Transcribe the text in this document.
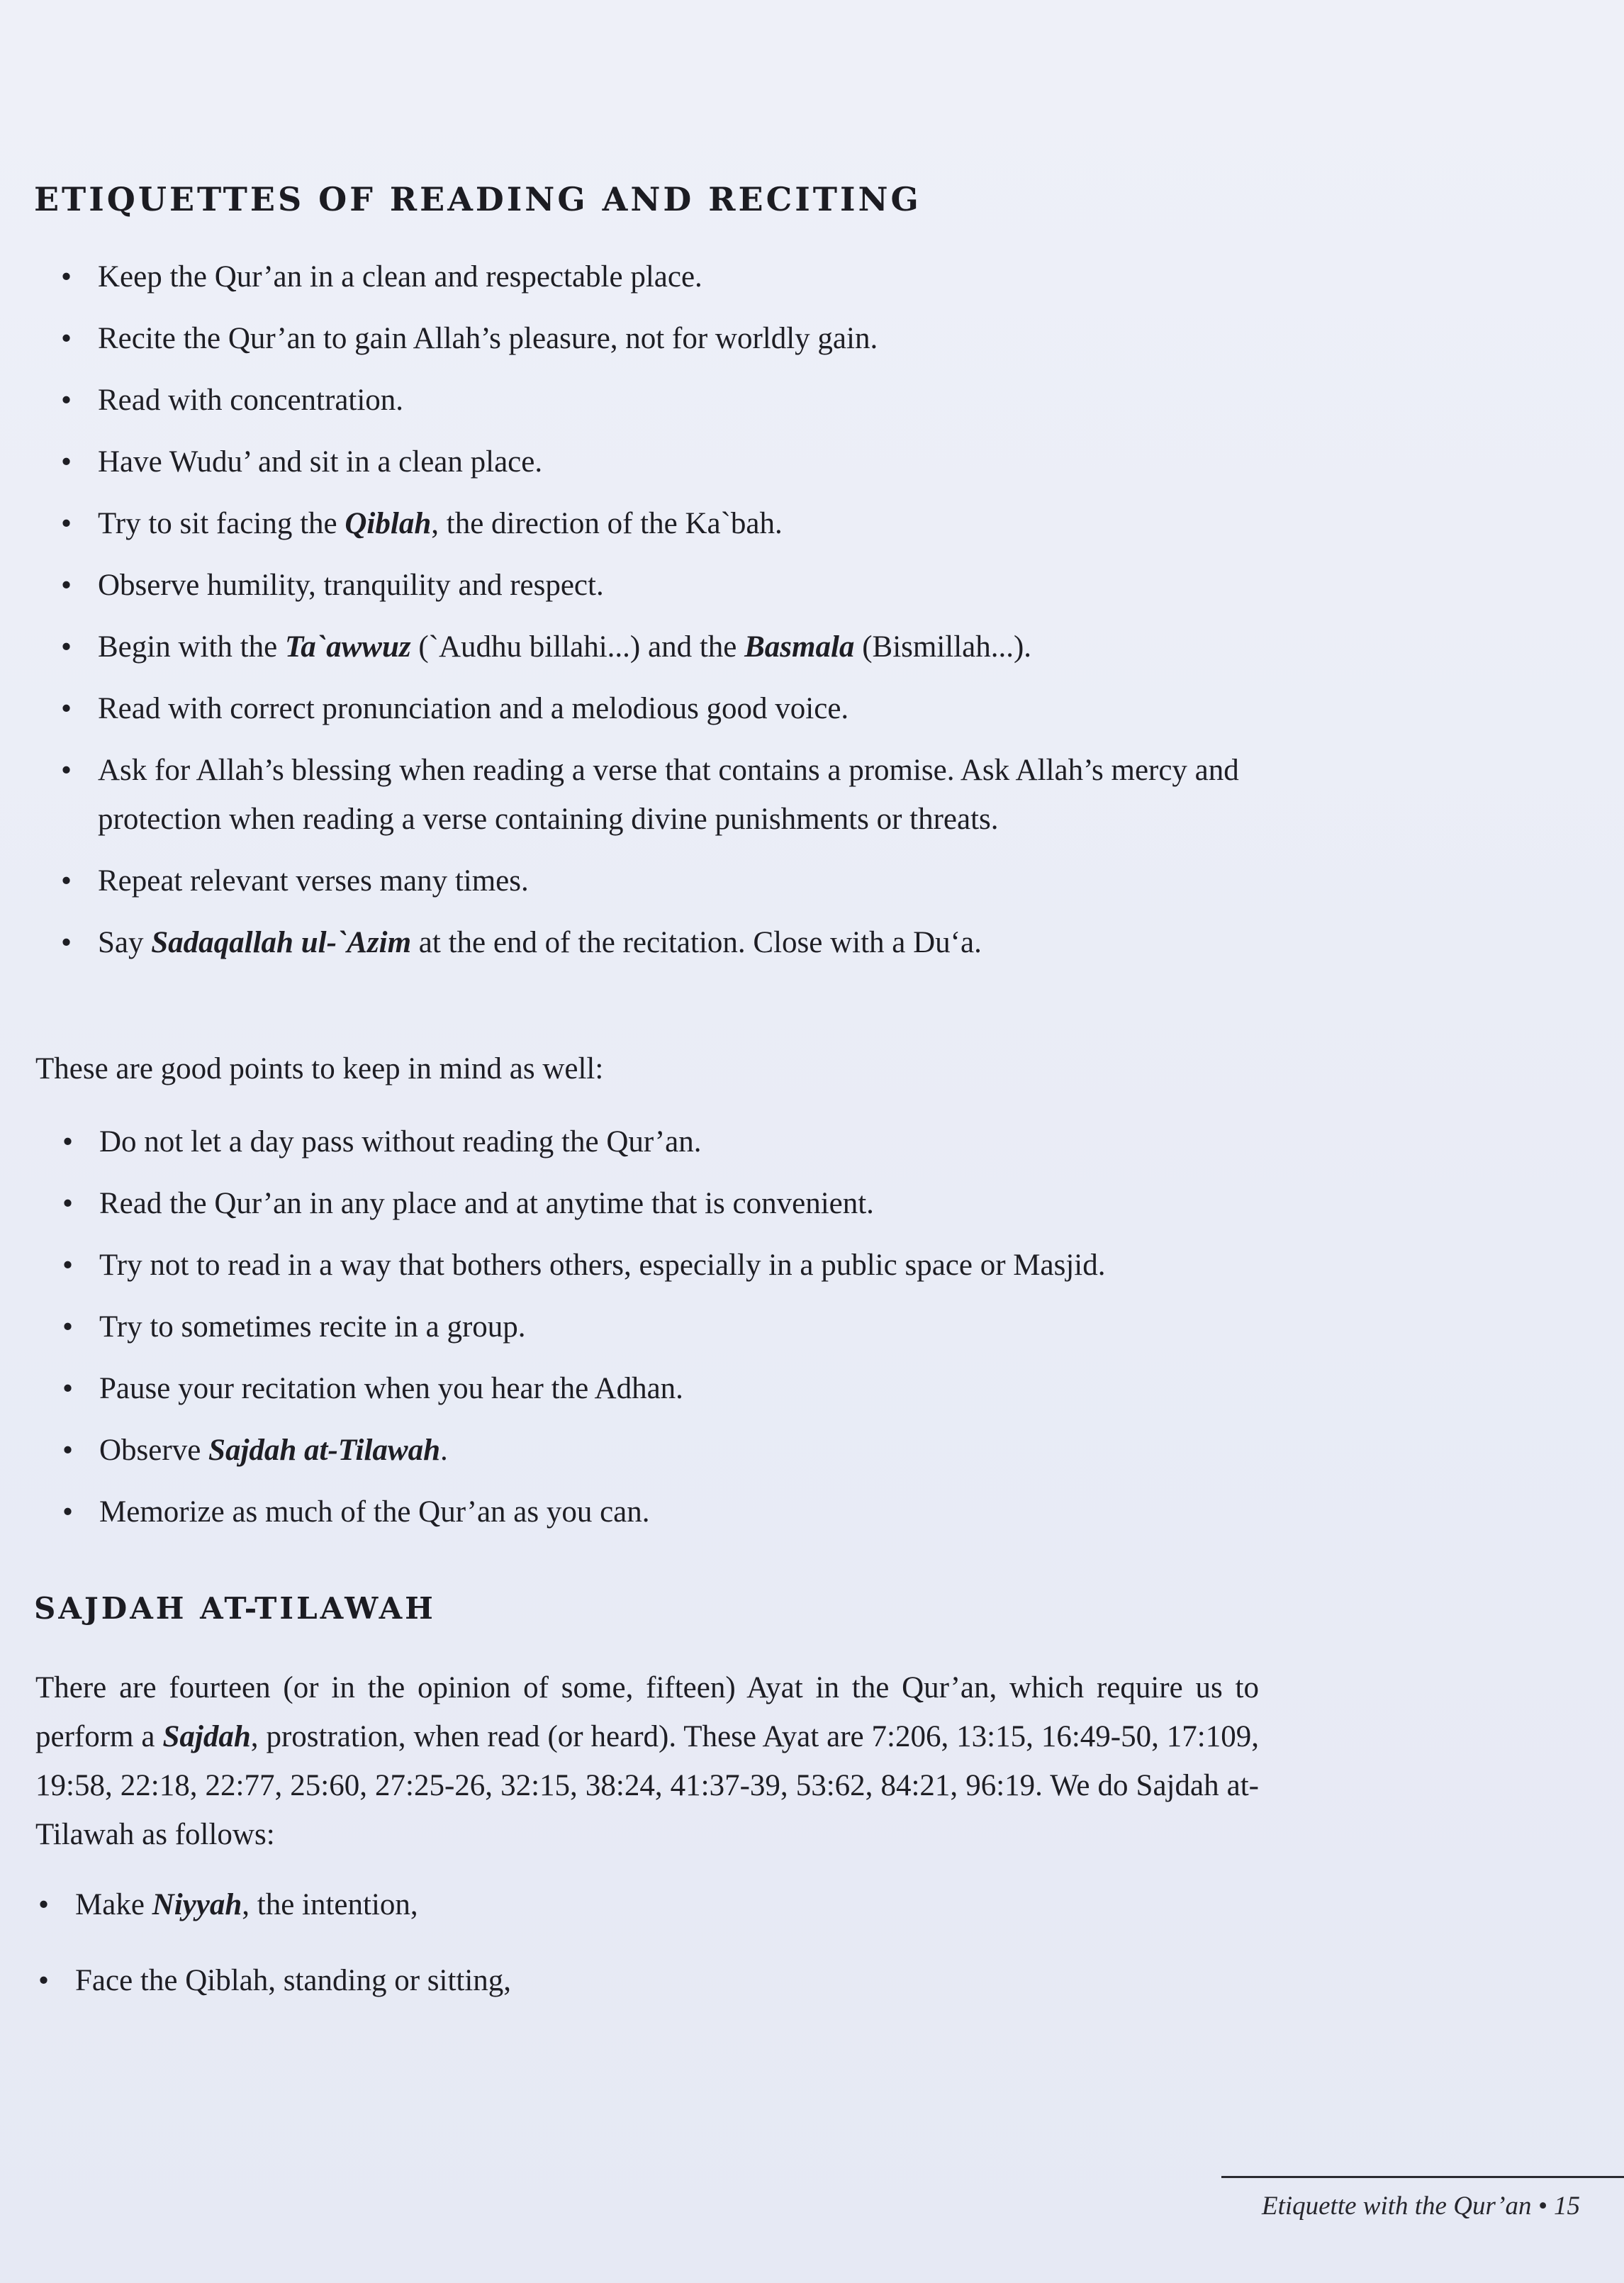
ETIQUETTES OF READING AND RECITING
• Keep the Qur’an in a clean and respectable place.
• Recite the Qur’an to gain Allah’s pleasure, not for worldly gain.
• Read with concentration.
• Have Wudu’ and sit in a clean place.
• Try to sit facing the Qiblah, the direction of the Ka`bah.
• Observe humility, tranquility and respect.
• Begin with the Ta`awwuz (`Audhu billahi...) and the Basmala (Bismillah...).
• Read with correct pronunciation and a melodious good voice.
• Ask for Allah’s blessing when reading a verse that contains a promise. Ask Allah’s mercy and protection when reading a verse containing divine punishments or threats.
• Repeat relevant verses many times.
• Say Sadaqallah ul-`Azim at the end of the recitation. Close with a Du‘a.

These are good points to keep in mind as well:

• Do not let a day pass without reading the Qur’an.
• Read the Qur’an in any place and at anytime that is convenient.
• Try not to read in a way that bothers others, especially in a public space or Masjid.
• Try to sometimes recite in a group.
• Pause your recitation when you hear the Adhan.
• Observe Sajdah at-Tilawah.
• Memorize as much of the Qur’an as you can.
SAJDAH AT-TILAWAH

There are fourteen (or in the opinion of some, fifteen) Ayat in the Qur’an, which require us to perform a Sajdah, prostration, when read (or heard). These Ayat are 7:206, 13:15, 16:49-50, 17:109, 19:58, 22:18, 22:77, 25:60, 27:25-26, 32:15, 38:24, 41:37-39, 53:62, 84:21, 96:19. We do Sajdah at-Tilawah as follows:

• Make Niyyah, the intention,
• Face the Qiblah, standing or sitting,
Etiquette with the Qur’an • 15
